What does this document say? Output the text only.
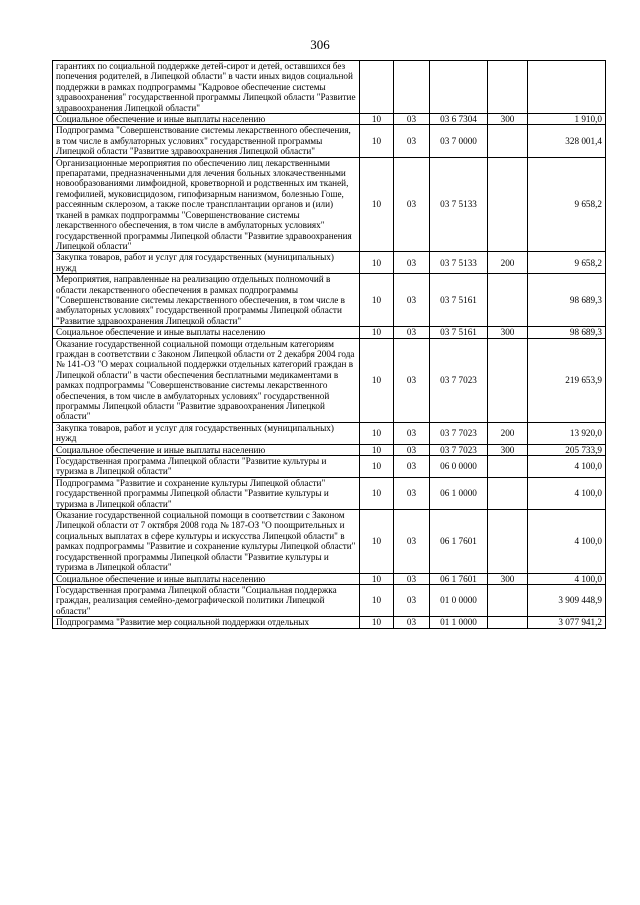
306
гарантиях по социальной поддержке детей-сирот и детей, оставшихся без попечения родителей, в Липецкой области" в части иных видов социальной поддержки в рамках подпрограммы "Кадровое обеспечение системы здравоохранения" государственной программы Липецкой области "Развитие здравоохранения Липецкой области"					
Социальное обеспечение и иные выплаты населению	10	03	03 6 7304	300	1 910,0
Подпрограмма "Совершенствование системы лекарственного обеспечения, в том числе в амбулаторных условиях" государственной программы Липецкой области "Развитие здравоохранения Липецкой области"	10	03	03 7 0000		328 001,4
Организационные мероприятия по обеспечению лиц лекарственными препаратами, предназначенными для лечения больных злокачественными новообразованиями лимфоидной, кроветворной и родственных им тканей, гемофилией, муковисцидозом, гипофизарным нанизмом, болезнью Гоше, рассеянным склерозом, а также после трансплантации органов и (или) тканей в рамках подпрограммы "Совершенствование системы лекарственного обеспечения, в том числе в амбулаторных условиях" государственной программы Липецкой области "Развитие здравоохранения Липецкой области"	10	03	03 7 5133		9 658,2
Закупка товаров, работ и услуг для государственных (муниципальных) нужд	10	03	03 7 5133	200	9 658,2
Мероприятия, направленные на реализацию отдельных полномочий в области лекарственного обеспечения в рамках подпрограммы "Совершенствование системы лекарственного обеспечения, в том числе в амбулаторных условиях" государственной программы Липецкой области "Развитие здравоохранения Липецкой области"	10	03	03 7 5161		98 689,3
Социальное обеспечение и иные выплаты населению	10	03	03 7 5161	300	98 689,3
Оказание государственной социальной помощи отдельным категориям граждан в соответствии с Законом Липецкой области от 2 декабря 2004 года № 141-ОЗ "О мерах социальной поддержки отдельных категорий граждан в Липецкой области" в части обеспечения бесплатными медикаментами в рамках подпрограммы "Совершенствование системы лекарственного обеспечения, в том числе в амбулаторных условиях" государственной программы Липецкой области "Развитие здравоохранения Липецкой области"	10	03	03 7 7023		219 653,9
Закупка товаров, работ и услуг для государственных (муниципальных) нужд	10	03	03 7 7023	200	13 920,0
Социальное обеспечение и иные выплаты населению	10	03	03 7 7023	300	205 733,9
Государственная программа Липецкой области "Развитие культуры и туризма в Липецкой области"	10	03	06 0 0000		4 100,0
Подпрограмма "Развитие и сохранение культуры Липецкой области" государственной программы Липецкой области "Развитие культуры и туризма в Липецкой области"	10	03	06 1 0000		4 100,0
Оказание государственной социальной помощи в соответствии с Законом Липецкой области от 7 октября 2008 года № 187-ОЗ "О поощрительных и социальных выплатах в сфере культуры и искусства Липецкой области" в рамках подпрограммы "Развитие и сохранение культуры Липецкой области" государственной программы Липецкой области "Развитие культуры и туризма в Липецкой области"	10	03	06 1 7601		4 100,0
Социальное обеспечение и иные выплаты населению	10	03	06 1 7601	300	4 100,0
Государственная программа Липецкой области "Социальная поддержка граждан, реализация семейно-демографической политики Липецкой области"	10	03	01 0 0000		3 909 448,9
Подпрограмма "Развитие мер социальной поддержки отдельных	10	03	01 1 0000		3 077 941,2
